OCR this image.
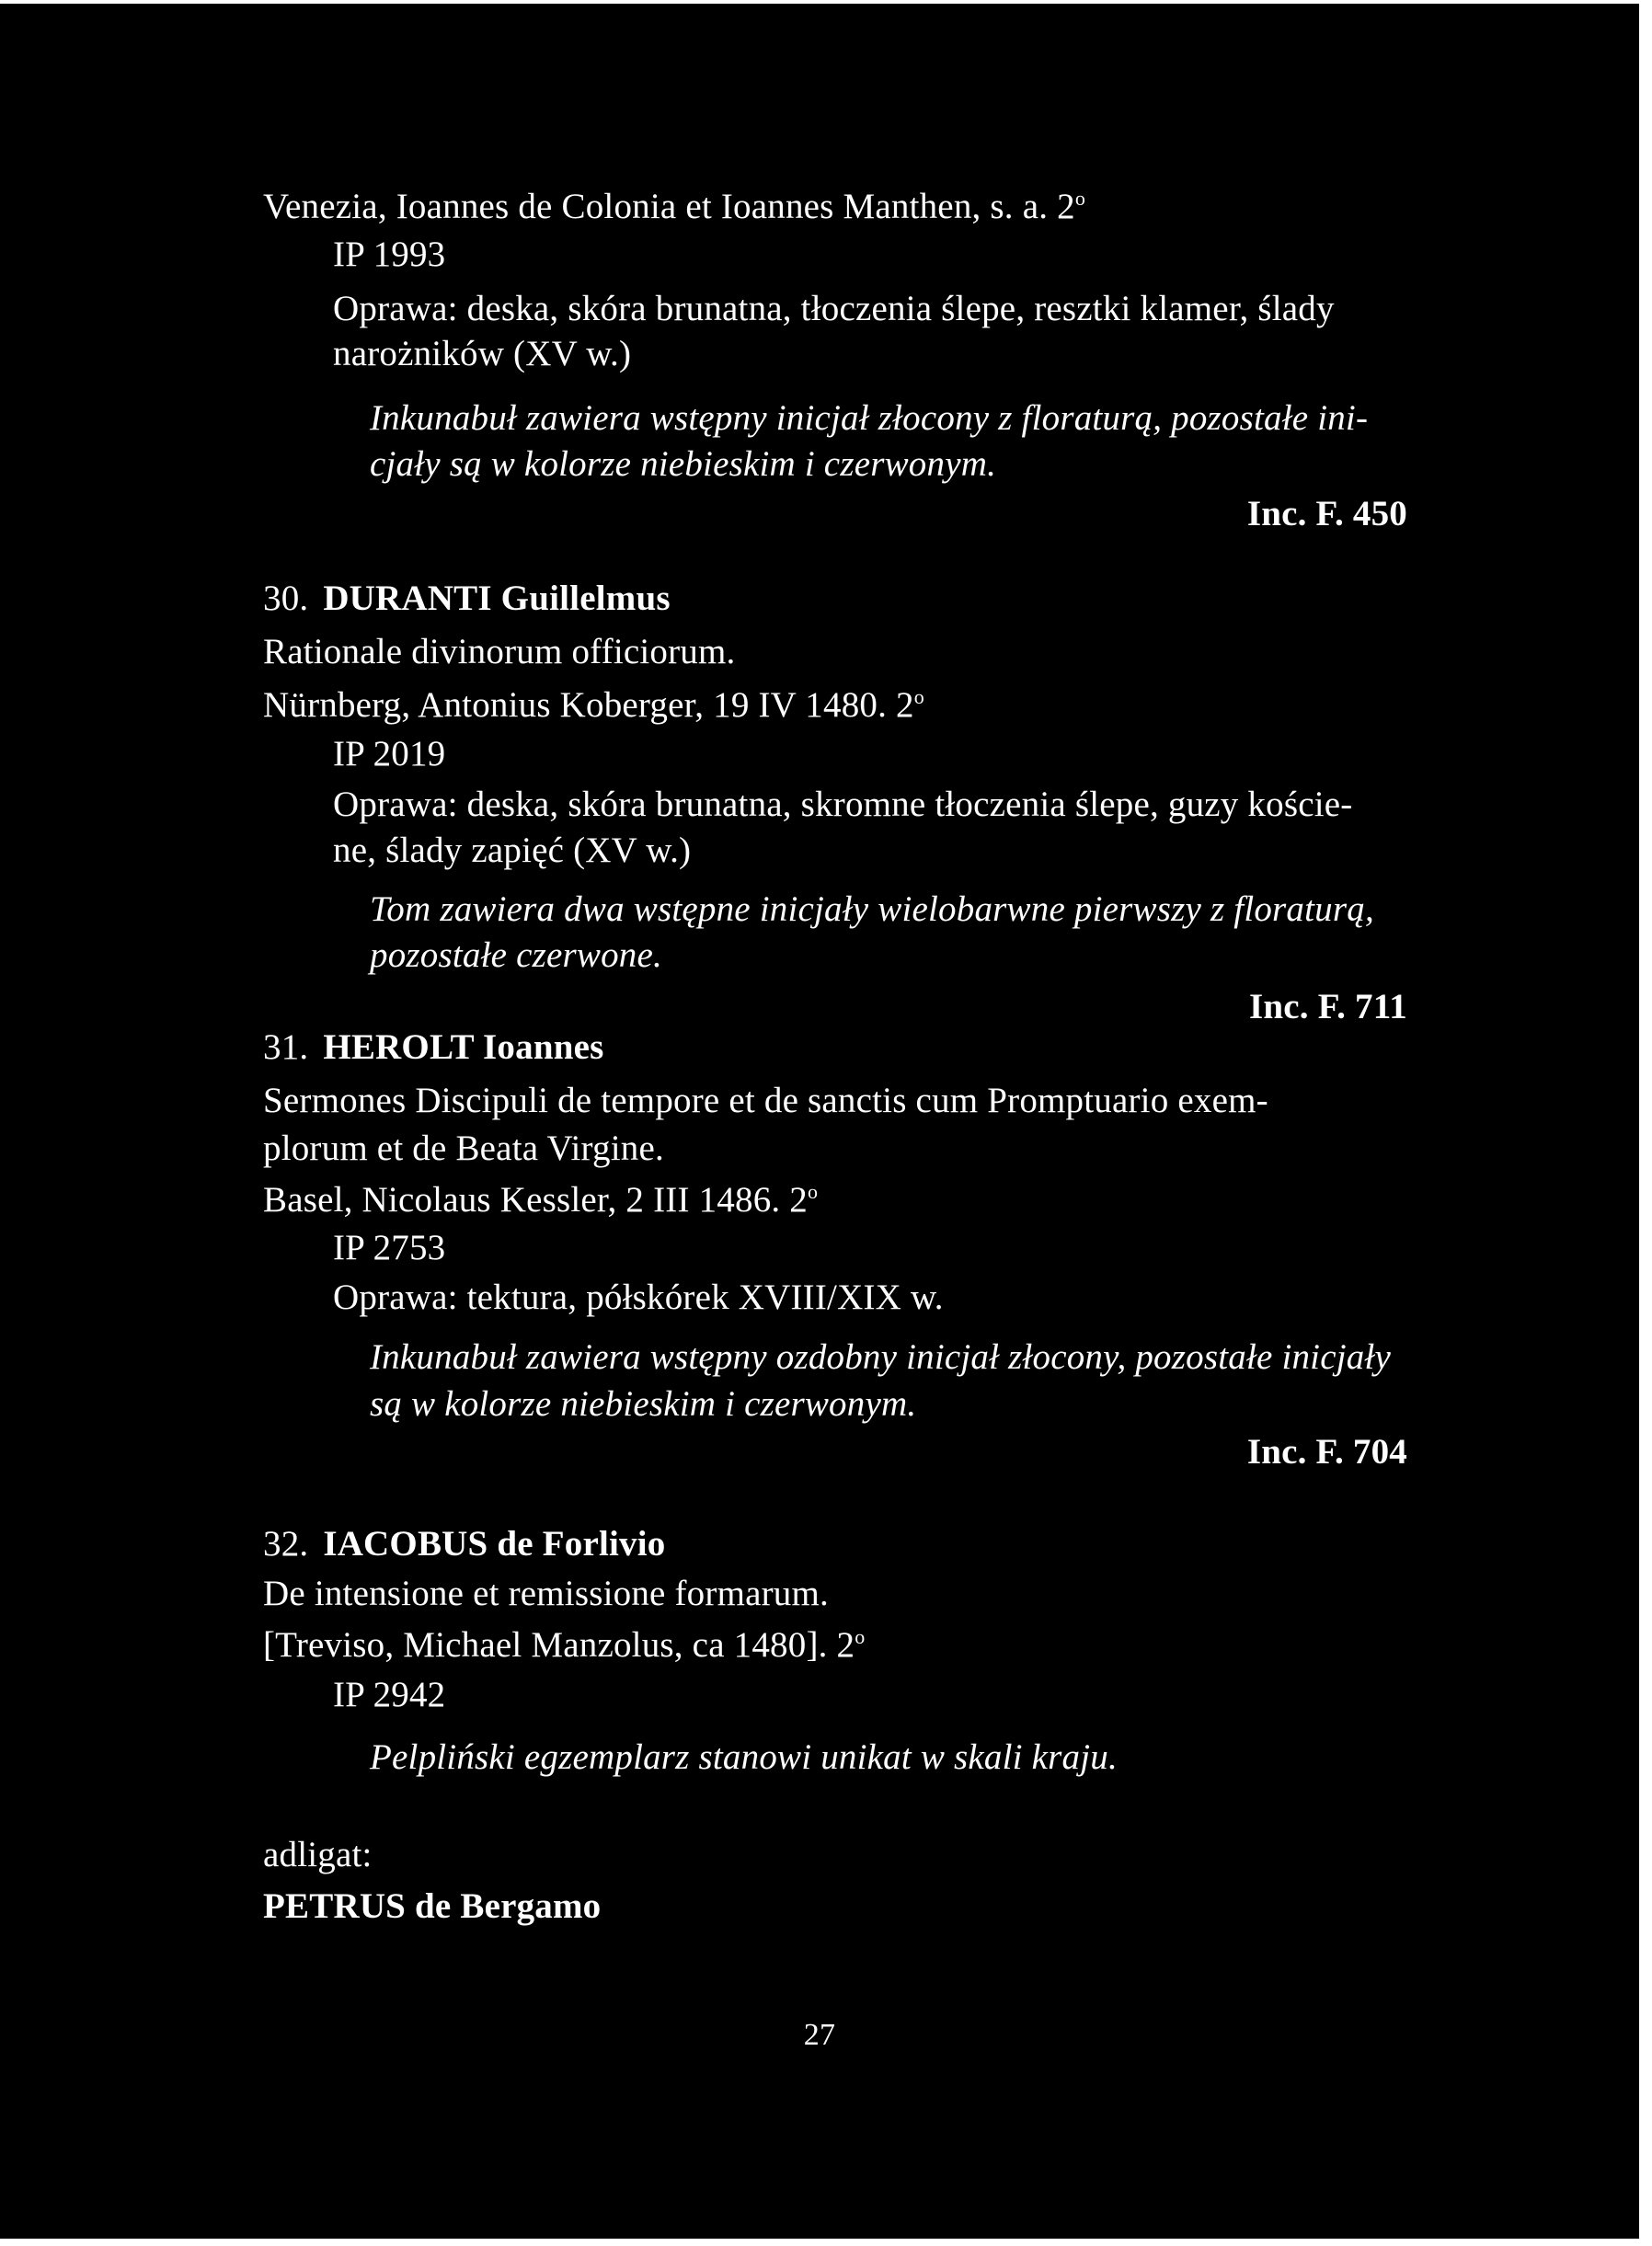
Venezia, Ioannes de Colonia et Ioannes Manthen, s. a. 2$^o$
IP 1993
Oprawa: deska, skóra brunatna, tłoczenia ślepe, resztki klamer, ślady
narożników (XV w.)
Inkunabuł zawiera wstępny inicjał złocony z floraturą, pozostałe ini-
cjały są w kolorze niebieskim i czerwonym.
Inc. F. 450
30. DURANTI Guillelmus
Rationale divinorum officiorum.
Nürnberg, Antonius Koberger, 19 IV 1480. 2$^o$
IP 2019
Oprawa: deska, skóra brunatna, skromne tłoczenia ślepe, guzy koście-
ne, ślady zapięć (XV w.)
Tom zawiera dwa wstępne inicjały wielobarwne pierwszy z floraturą,
pozostałe czerwone.
Inc. F. 711
31. HEROLT Ioannes
Sermones Discipuli de tempore et de sanctis cum Promptuario exem-
plorum et de Beata Virgine.
Basel, Nicolaus Kessler, 2 III 1486. 2$^o$
IP 2753
Oprawa: tektura, półskórek XVIII/XIX w.
Inkunabuł zawiera wstępny ozdobny inicjał złocony, pozostałe inicjały
są w kolorze niebieskim i czerwonym.
Inc. F. 704
32. IACOBUS de Forlivio
De intensione et remissione formarum.
[Treviso, Michael Manzolus, ca 1480]. 2$^o$
IP 2942
Pelpliński egzemplarz stanowi unikat w skali kraju.
adligat:
PETRUS de Bergamo
27
